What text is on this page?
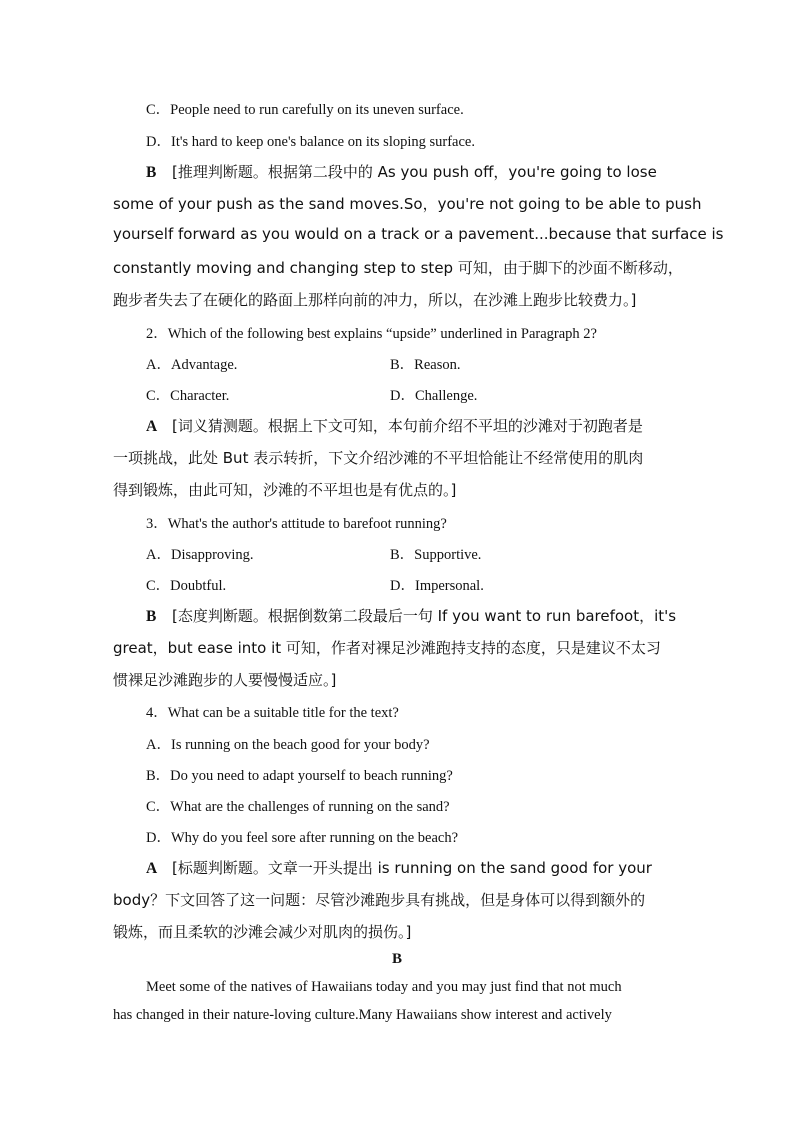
C．People need to run carefully on its uneven surface.
D．It's hard to keep one's balance on its sloping surface.
B [推理判断题。根据第二段中的 As you push off，you're going to lose
some of your push as the sand moves.So，you're not going to be able to push
yourself forward as you would on a track or a pavement...because that surface is
constantly moving and changing step to step 可知，由于脚下的沙面不断移动，
跑步者失去了在硬化的路面上那样向前的冲力，所以，在沙滩上跑步比较费力。]
2．Which of the following best explains “upside” underlined in Paragraph 2?
A．Advantage.	B．Reason.
C．Character.	D．Challenge.
A [词义猜测题。根据上下文可知，本句前介绍不平坦的沙滩对于初跑者是
一项挑战，此处 But 表示转折，下文介绍沙滩的不平坦恰能让不经常使用的肌肉
得到锻炼，由此可知，沙滩的不平坦也是有优点的。]
3．What's the author's attitude to barefoot running?
A．Disapproving.	B．Supportive.
C．Doubtful.	D．Impersonal.
B [态度判断题。根据倒数第二段最后一句 If you want to run barefoot，it's
great，but ease into it 可知，作者对裸足沙滩跑持支持的态度，只是建议不太习
惯裸足沙滩跑步的人要慢慢适应。]
4．What can be a suitable title for the text?
A．Is running on the beach good for your body?
B．Do you need to adapt yourself to beach running?
C．What are the challenges of running on the sand?
D．Why do you feel sore after running on the beach?
A [标题判断题。文章一开头提出 is running on the sand good for your
body？下文回答了这一问题：尽管沙滩跑步具有挑战，但是身体可以得到额外的
锻炼，而且柔软的沙滩会减少对肌肉的损伤。]
B
Meet some of the natives of Hawaiians today and you may just find that not much
has changed in their nature-loving culture.Many Hawaiians show interest and actively
